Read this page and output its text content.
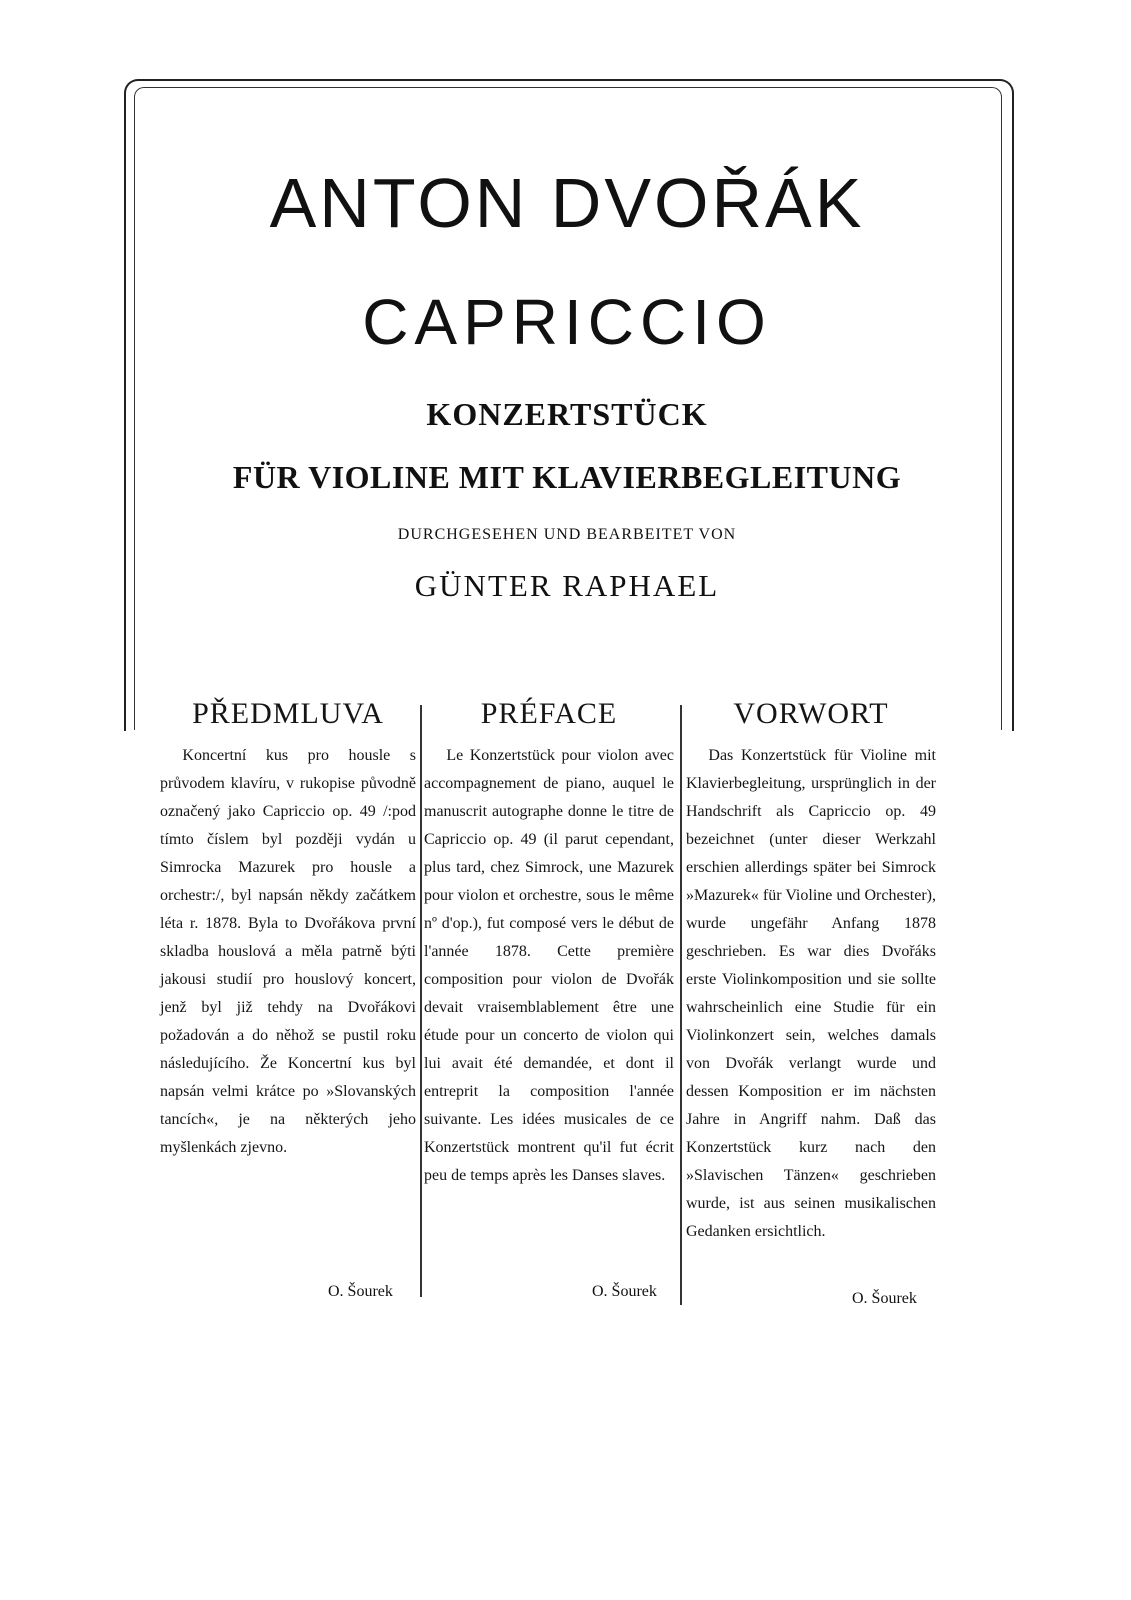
ANTON DVOŘÁK
CAPRICCIO
KONZERTSTÜCK
FÜR VIOLINE MIT KLAVIERBEGLEITUNG
DURCHGESEHEN UND BEARBEITET VON
GÜNTER RAPHAEL
PŘEDMLUVA

Koncertní kus pro housle s průvodem klavíru, v rukopise původně označený jako Capriccio op. 49 /:pod tímto číslem byl později vydán u Simrocka Mazurek pro housle a orchestr:/, byl napsán někdy začátkem léta r. 1878. Byla to Dvořákova první skladba houslová a měla patrně býti jakousi studií pro houslový koncert, jenž byl již tehdy na Dvořákovi požadován a do něhož se pustil roku následujícího. Že Koncertní kus byl napsán velmi krátce po »Slovanských tancích«, je na některých jeho myšlenkách zjevno.

O. Šourek
PRÉFACE

Le Konzertstück pour violon avec accompagnement de piano, auquel le manuscrit autographe donne le titre de Capriccio op. 49 (il parut cependant, plus tard, chez Simrock, une Mazurek pour violon et orchestre, sous le même nº d'op.), fut composé vers le début de l'année 1878. Cette première composition pour violon de Dvořák devait vraisemblablement être une étude pour un concerto de violon qui lui avait été demandée, et dont il entreprit la composition l'année suivante. Les idées musicales de ce Konzertstück montrent qu'il fut écrit peu de temps après les Danses slaves.

O. Šourek
VORWORT

Das Konzertstück für Violine mit Klavierbegleitung, ursprünglich in der Handschrift als Capriccio op. 49 bezeichnet (unter dieser Werkzahl erschien allerdings später bei Simrock »Mazurek« für Violine und Orchester), wurde ungefähr Anfang 1878 geschrieben. Es war dies Dvořáks erste Violinkomposition und sie sollte wahrscheinlich eine Studie für ein Violinkonzert sein, welches damals von Dvořák verlangt wurde und dessen Komposition er im nächsten Jahre in Angriff nahm. Daß das Konzertstück kurz nach den »Slavischen Tänzen« geschrieben wurde, ist aus seinen musikalischen Gedanken ersichtlich.

O. Šourek
